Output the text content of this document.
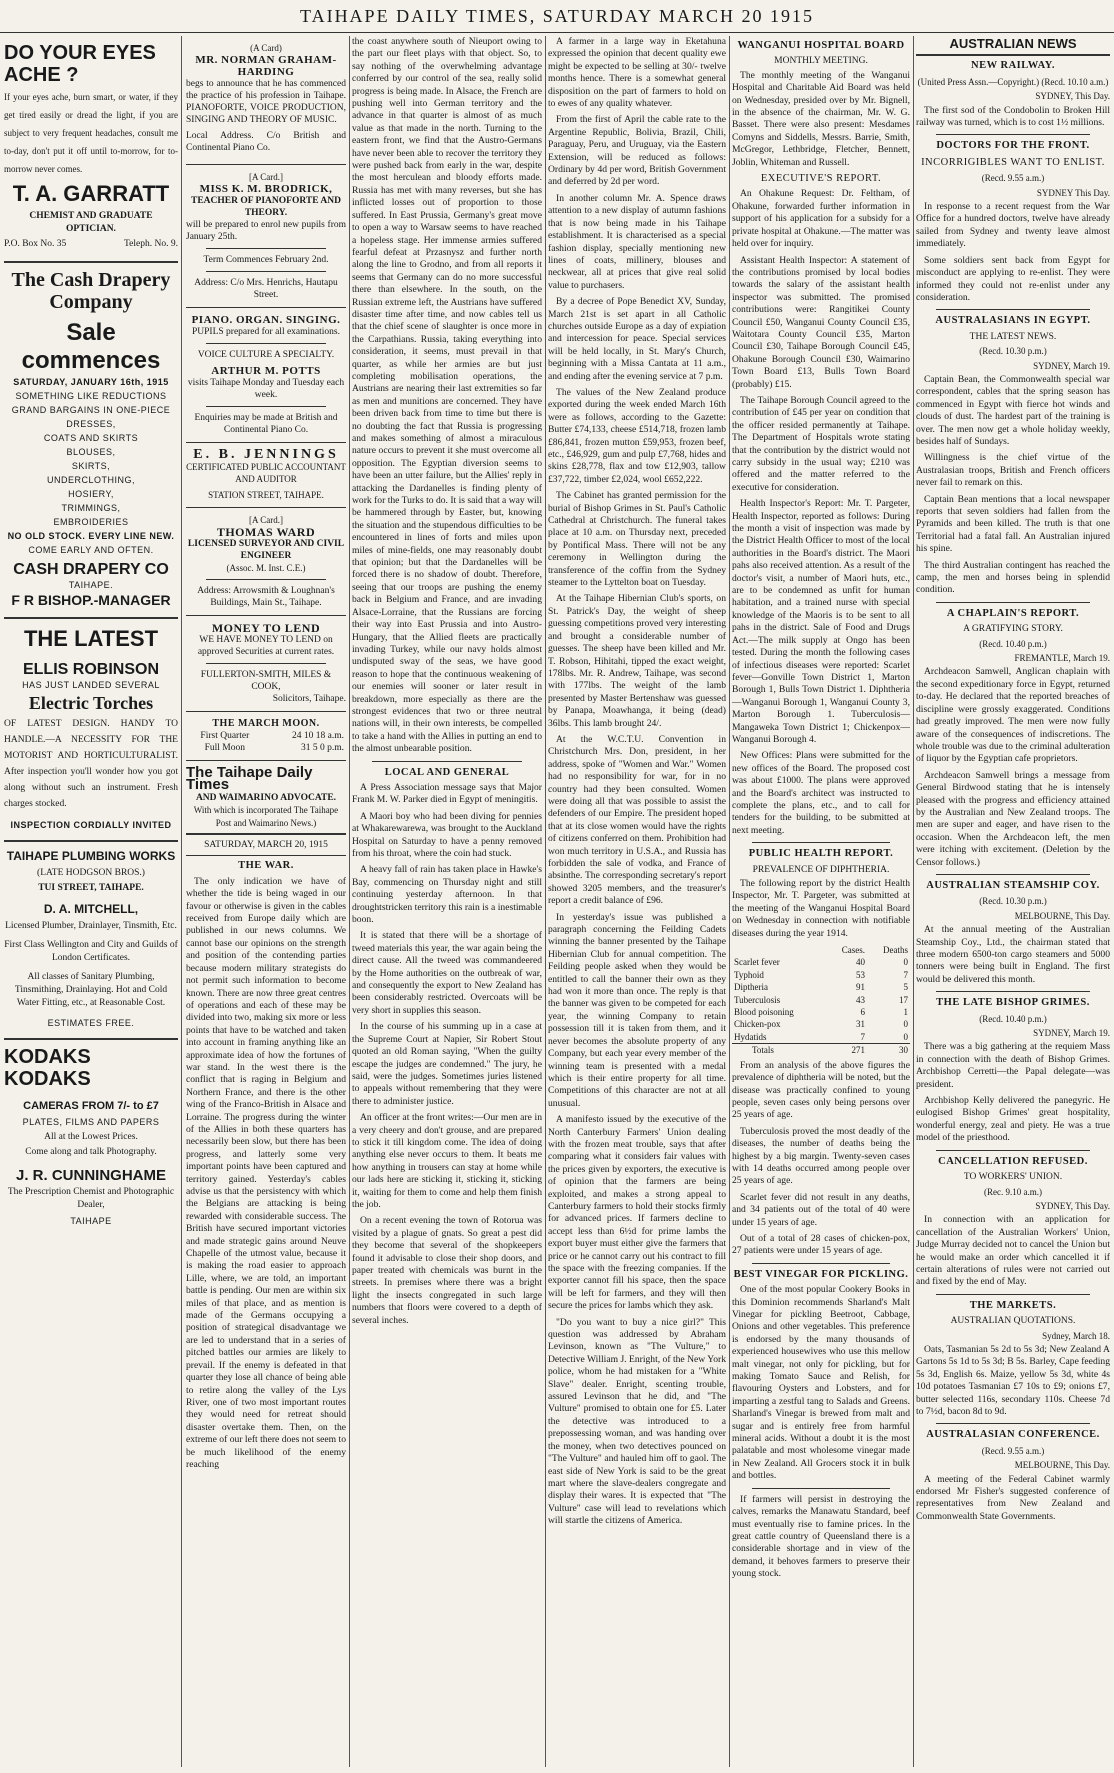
TAIHAPE DAILY TIMES, SATURDAY MARCH 20 1915
DO YOUR EYES
ACHE ?

If your eyes ache, burn smart, or water, if they get tired easily or dread the light, if you are subject to very frequent headaches, consult me to-day, don't put it off until to-morrow, for to-morrow never comes.

T. A. GARRATT
CHEMIST AND GRADUATE OPTICIAN.
P.O. Box No. 35	Teleph. No. 9.
The Cash Drapery Company
Sale commences
SATURDAY, JANUARY 16th, 1915
SOMETHING LIKE REDUCTIONS
GRAND BARGAINS IN ONE-PIECE DRESSES,
COATS AND SKIRTS
BLOUSES,
SKIRTS,
UNDERCLOTHING,
HOSIERY,
TRIMMINGS,
EMBROIDERIES
NO OLD STOCK. EVERY LINE NEW.
COME EARLY AND OFTEN.
CASH DRAPERY CO
TAIHAPE.
F R BISHOP.-MANAGER
THE LATEST
ELLIS ROBINSON
HAS JUST LANDED SEVERAL
Electric Torches

OF LATEST DESIGN. HANDY TO HANDLE.—A NECESSITY FOR THE MOTORIST AND HORTICULTURALIST. After inspection you'll wonder how you got along without such an instrument. Fresh charges stocked.

INSPECTION CORDIALLY INVITED
TAIHAPE PLUMBING WORKS
(LATE HODGSON BROS.)
TUI STREET, TAIHAPE.
D. A. MITCHELL,
Licensed Plumber, Drainlayer, Tinsmith, Etc.
First Class Wellington and City and Guilds of London Certificates.
All classes of Sanitary Plumbing, Tinsmithing, Drainlaying. Hot and Cold Water Fitting, etc., at Reasonable Cost.
ESTIMATES FREE.
KODAKS
KODAKS
CAMERAS FROM 7/- to £7
PLATES, FILMS AND PAPERS
All at the Lowest Prices.
Come along and talk Photography.
J. R. CUNNINGHAME
The Prescription Chemist and Photographic Dealer,
TAIHAPE
(A Card)
MR. NORMAN GRAHAM-HARDING

begs to announce that he has commenced the practice of his profession in Taihape. PIANOFORTE, VOICE PRODUCTION, SINGING AND THEORY OF MUSIC.

Local Address. C/o British and Continental Piano Co.

[A Card.]
MISS K. M. BRODRICK,
TEACHER OF PIANOFORTE AND THEORY.

will be prepared to enrol new pupils from January 25th.

Term Commences February 2nd.
Address: C/o Mrs. Henrichs, Hautapu Street.
PIANO. ORGAN. SINGING.
PUPILS prepared for all examinations.
VOICE CULTURE A SPECIALTY.
ARTHUR M. POTTS
visits Taihape Monday and Tuesday each week.
Enquiries may be made at British and Continental Piano Co.
E. B. JENNINGS
CERTIFICATED PUBLIC ACCOUNTANT AND AUDITOR
STATION STREET, TAIHAPE.
[A Card.]
THOMAS WARD
LICENSED SURVEYOR AND CIVIL ENGINEER
(Assoc. M. Inst. C.E.)
Address: Arrowsmith & Loughnan's Buildings, Main St., Taihape.
MONEY TO LEND
WE HAVE MONEY TO LEND on approved Securities at current rates.
FULLERTON-SMITH, MILES & COOK,
Solicitors, Taihape.
THE MARCH MOON.
First Quarter	24 10 18 a.m.
Full Moon	31 5 0 p.m.
The Taihape Daily Times
AND WAIMARINO ADVOCATE.
With which is incorporated The Taihape Post and Waimarino News.)
SATURDAY, MARCH 20, 1915
THE WAR.

The only indication we have of whether the tide is being waged in our favour or otherwise is given in the cables received from Europe daily which are published in our news columns. We cannot base our opinions on the strength and position of the contending parties because modern military strategists do not permit such information to become known. There are now three great centres of operations and each of these may be divided into two, making six more or less points that have to be watched and taken into account in framing anything like an approximate idea of how the fortunes of war stand. In the west there is the conflict that is raging in Belgium and Northern France, and there is the other wing of the Franco-British in Alsace and Lorraine. The progress during the winter of the Allies in both these quarters has necessarily been slow, but there has been progress, and latterly some very important points have been captured and territory gained. Yesterday's cables advise us that the persistency with which the Belgians are attacking is being rewarded with considerable success. The British have secured important victories and made strategic gains around Neuve Chapelle of the utmost value, because it is making the road easier to approach Lille, where, we are told, an important battle is pending. Our men are within six miles of that place, and as mention is made of the Germans occupying a position of strategical disadvantage we are led to understand that in a series of pitched battles our armies are likely to prevail. If the enemy is defeated in that quarter they lose all chance of being able to retire along the valley of the Lys River, one of two most important routes they would need for retreat should disaster overtake them. Then, on the extreme of our left there does not seem to be much likelihood of the enemy reaching

the coast anywhere south of Nieuport owing to the part our fleet plays with that object. So, to say nothing of the overwhelming advantage conferred by our control of the sea, really solid progress is being made. In Alsace, the French are pushing well into German territory and the advance in that quarter is almost of as much value as that made in the north. Turning to the eastern front, we find that the Austro-Germans have never been able to recover the territory they were pushed back from early in the war, despite the most herculean and bloody efforts made. Russia has met with many reverses, but she has inflicted losses out of proportion to those suffered. In East Prussia, Germany's great move to open a way to Warsaw seems to have reached a hopeless stage. Her immense armies suffered fearful defeat at Przasnysz and further north along the line to Grodno, and from all reports it seems that Germany can do no more successful there than elsewhere. In the south, on the Russian extreme left, the Austrians have suffered disaster time after time, and now cables tell us that the chief scene of slaughter is once more in the Carpathians. Russia, taking everything into consideration, it seems, must prevail in that quarter, as while her armies are but just completing mobilisation operations, the Austrians are nearing their last extremities so far as men and munitions are concerned. They have been driven back from time to time but there is no doubting the fact that Russia is progressing and makes something of almost a miraculous nature occurs to prevent it she must overcome all opposition. The Egyptian diversion seems to have been an utter failure, but the Allies' reply in attacking the Dardanelles is finding plenty of work for the Turks to do. It is said that a way will be hammered through by Easter, but, knowing the situation and the stupendous difficulties to be encountered in lines of forts and miles upon miles of mine-fields, one may reasonably doubt that opinion; but that the Dardanelles will be forced there is no shadow of doubt. Therefore, seeing that our troops are pushing the enemy back in Belgium and France, and are invading Alsace-Lorraine, that the Russians are forcing their way into East Prussia and into Austro-Hungary, that the Allied fleets are practically invading Turkey, while our navy holds almost undisputed sway of the seas, we have good reason to hope that the continuous weakening of our enemies will sooner or later result in breakdown, more especially as there are the strongest evidences that two or three neutral nations will, in their own interests, be compelled to take a hand with the Allies in putting an end to the almost unbearable position.

LOCAL AND GENERAL

A Press Association message says that Major Frank M. W. Parker died in Egypt of meningitis.

A Maori boy who had been diving for pennies at Whakarewarewa, was brought to the Auckland Hospital on Saturday to have a penny removed from his throat, where the coin had stuck.

A heavy fall of rain has taken place in Hawke's Bay, commencing on Thursday night and still continuing yesterday afternoon. In that droughtstricken territory this rain is a inestimable boon.

It is stated that there will be a shortage of tweed materials this year, the war again being the direct cause. All the tweed was commandeered by the Home authorities on the outbreak of war, and consequently the export to New Zealand has been considerably restricted. Overcoats will be very short in supplies this season.

In the course of his summing up in a case at the Supreme Court at Napier, Sir Robert Stout quoted an old Roman saying, "When the guilty escape the judges are condemned." The jury, he said, were the judges. Sometimes juries listened to appeals without remembering that they were there to administer justice.

An officer at the front writes:—Our men are in a very cheery and don't grouse, and are prepared to stick it till kingdom come. The idea of doing anything else never occurs to them. It beats me how anything in trousers can stay at home while our lads here are sticking it, sticking it, sticking it, waiting for them to come and help them finish the job.

On a recent evening the town of Rotorua was visited by a plague of gnats. So great a pest did they become that several of the shopkeepers found it advisable to close their shop doors, and paper treated with chemicals was burnt in the streets. In premises where there was a bright light the insects congregated in such large numbers that floors were covered to a depth of several inches.

A farmer in a large way in Eketahuna expressed the opinion that decent quality ewe might be expected to be selling at 30/- twelve months hence. There is a somewhat general disposition on the part of farmers to hold on to ewes of any quality whatever.

From the first of April the cable rate to the Argentine Republic, Bolivia, Brazil, Chili, Paraguay, Peru, and Uruguay, via the Eastern Extension, will be reduced as follows: Ordinary by 4d per word, British Government and deferred by 2d per word.

In another column Mr. A. Spence draws attention to a new display of autumn fashions that is now being made in his Taihape establishment. It is characterised as a special fashion display, specially mentioning new lines of coats, millinery, blouses and neckwear, all at prices that give real solid value to purchasers.

By a decree of Pope Benedict XV, Sunday, March 21st is set apart in all Catholic churches outside Europe as a day of expiation and intercession for peace. Special services will be held locally, in St. Mary's Church, beginning with a Missa Cantata at 11 a.m., and ending after the evening service at 7 p.m.

The values of the New Zealand produce exported during the week ended March 16th were as follows, according to the Gazette: Butter £74,133, cheese £514,718, frozen lamb £86,841, frozen mutton £59,953, frozen beef, etc., £46,929, gum and pulp £7,768, hides and skins £28,778, flax and tow £12,903, tallow £37,722, timber £2,024, wool £652,222.

The Cabinet has granted permission for the burial of Bishop Grimes in St. Paul's Catholic Cathedral at Christchurch. The funeral takes place at 10 a.m. on Thursday next, preceded by Pontifical Mass. There will not be any ceremony in Wellington during the transference of the coffin from the Sydney steamer to the Lyttelton boat on Tuesday.

At the Taihape Hibernian Club's sports, on St. Patrick's Day, the weight of sheep guessing competitions proved very interesting and brought a considerable number of guesses. The sheep have been killed and Mr. T. Robson, Hihitahi, tipped the exact weight, 178lbs. Mr. R. Andrew, Taihape, was second with 177lbs. The weight of the lamb presented by Master Bertenshaw was guessed by Panapa, Moawhanga, it being (dead) 36lbs. This lamb brought 24/.

At the W.C.T.U. Convention in Christchurch Mrs. Don, president, in her address, spoke of "Women and War." Women had no responsibility for war, for in no country had they been consulted. Women were doing all that was possible to assist the defenders of our Empire. The president hoped that at its close women would have the rights of citizens conferred on them. Prohibition had won much territory in U.S.A., and Russia has forbidden the sale of vodka, and France of absinthe. The corresponding secretary's report showed 3205 members, and the treasurer's report a credit balance of £96.

In yesterday's issue was published a paragraph concerning the Feilding Cadets winning the banner presented by the Taihape Hibernian Club for annual competition. The Feilding people asked when they would be entitled to call the banner their own as they had won it more than once. The reply is that the banner was given to be competed for each year, the winning Company to retain possession till it is taken from them, and it never becomes the absolute property of any Company, but each year every member of the winning team is presented with a medal which is their entire property for all time. Competitions of this character are not at all unusual.

A manifesto issued by the executive of the North Canterbury Farmers' Union dealing with the frozen meat trouble, says that after comparing what it considers fair values with the prices given by exporters, the executive is of opinion that the farmers are being exploited, and makes a strong appeal to Canterbury farmers to hold their stocks firmly for advanced prices. If farmers decline to accept less than 6½d for prime lambs the export buyer must either give the farmers that price or he cannot carry out his contract to fill the space with the freezing companies. If the exporter cannot fill his space, then the space will be left for farmers, and they will then secure the prices for lambs which they ask.

"Do you want to buy a nice girl?" This question was addressed by Abraham Levinson, known as "The Vulture," to Detective William J. Enright, of the New York police, whom he had mistaken for a "White Slave" dealer. Enright, scenting trouble, assured Levinson that he did, and "The Vulture" promised to obtain one for £5. Later the detective was introduced to a prepossessing woman, and was handing over the money, when two detectives pounced on "The Vulture" and hauled him off to gaol. The east side of New York is said to be the great mart where the slave-dealers congregate and display their wares. It is expected that "The Vulture" case will lead to revelations which will startle the citizens of America.

WANGANUI HOSPITAL BOARD
MONTHLY MEETING.

The monthly meeting of the Wanganui Hospital and Charitable Aid Board was held on Wednesday, presided over by Mr. Bignell, in the absence of the chairman, Mr. W. G. Basset. There were also present: Mesdames Comyns and Siddells, Messrs. Barrie, Smith, McGregor, Lethbridge, Fletcher, Bennett, Joblin, Whiteman and Russell.

EXECUTIVE'S REPORT.

An Ohakune Request: Dr. Feltham, of Ohakune, forwarded further information in support of his application for a subsidy for a private hospital at Ohakune.—The matter was held over for inquiry.

Assistant Health Inspector: A statement of the contributions promised by local bodies towards the salary of the assistant health inspector was submitted. The promised contributions were: Rangitikei County Council £50, Wanganui County Council £35, Waitotara County Council £35, Marton Council £30, Taihape Borough Council £45, Ohakune Borough Council £30, Waimarino Town Board £13, Bulls Town Board (probably) £15.

The Taihape Borough Council agreed to the contribution of £45 per year on condition that the officer resided permanently at Taihape. The Department of Hospitals wrote stating that the contribution by the district would not carry subsidy in the usual way; £210 was offered and the matter referred to the executive for consideration.

Health Inspector's Report: Mr. T. Pargeter, Health Inspector, reported as follows: During the month a visit of inspection was made by the District Health Officer to most of the local authorities in the Board's district. The Maori pahs also received attention. As a result of the doctor's visit, a number of Maori huts, etc., are to be condemned as unfit for human habitation, and a trained nurse with special knowledge of the Maoris is to be sent to all pahs in the district. Sale of Food and Drugs Act.—The milk supply at Ongo has been tested. During the month the following cases of infectious diseases were reported: Scarlet fever—Gonville Town District 1, Marton Borough 1, Bulls Town District 1. Diphtheria—Wanganui Borough 1, Wanganui County 3, Marton Borough 1. Tuberculosis—Mangaweka Town District 1; Chickenpox—Wanganui Borough 4.

New Offices: Plans were submitted for the new offices of the Board. The proposed cost was about £1000. The plans were approved and the Board's architect was instructed to complete the plans, etc., and to call for tenders for the building, to be submitted at next meeting.

PUBLIC HEALTH REPORT.
PREVALENCE OF DIPHTHERIA.

The following report by the district Health Inspector, Mr. T. Pargeter, was submitted at the meeting of the Wanganui Hospital Board on Wednesday in connection with notifiable diseases during the year 1914.

	Cases.	Deaths
Scarlet fever	40	0
Typhoid	53	7
Diptheria	91	5
Tuberculosis	43	17
Blood poisoning	6	1
Chicken-pox	31	0
Hydatids	7	0
Totals	271	30

From an analysis of the above figures the prevalence of diphtheria will be noted, but the disease was practically confined to young people, seven cases only being persons over 25 years of age.

Tuberculosis proved the most deadly of the diseases, the number of deaths being the highest by a big margin. Twenty-seven cases with 14 deaths occurred among people over 25 years of age.

Scarlet fever did not result in any deaths, and 34 patients out of the total of 40 were under 15 years of age.

Out of a total of 28 cases of chicken-pox, 27 patients were under 15 years of age.

BEST VINEGAR FOR PICKLING.

One of the most popular Cookery Books in this Dominion recommends Sharland's Malt Vinegar for pickling Beetroot, Cabbage, Onions and other vegetables. This preference is endorsed by the many thousands of experienced housewives who use this mellow malt vinegar, not only for pickling, but for making Tomato Sauce and Relish, for flavouring Oysters and Lobsters, and for imparting a zestful tang to Salads and Greens. Sharland's Vinegar is brewed from malt and sugar and is entirely free from harmful mineral acids. Without a doubt it is the most palatable and most wholesome vinegar made in New Zealand. All Grocers stock it in bulk and bottles.

If farmers will persist in destroying the calves, remarks the Manawatu Standard, beef must eventually rise to famine prices. In the great cattle country of Queensland there is a considerable shortage and in view of the demand, it behoves farmers to preserve their young stock.

AUSTRALIAN NEWS
NEW RAILWAY.
(United Press Assn.—Copyright.) (Recd. 10.10 a.m.)
SYDNEY, This Day.

The first sod of the Condobolin to Broken Hill railway was turned, which is to cost 1½ millions.

DOCTORS FOR THE FRONT.
INCORRIGIBLES WANT TO ENLIST.
(Recd. 9.55 a.m.)
SYDNEY This Day.

In response to a recent request from the War Office for a hundred doctors, twelve have already sailed from Sydney and twenty leave almost immediately.

Some soldiers sent back from Egypt for misconduct are applying to re-enlist. They were informed they could not re-enlist under any consideration.

AUSTRALASIANS IN EGYPT.
THE LATEST NEWS.
(Recd. 10.30 p.m.)
SYDNEY, March 19.

Captain Bean, the Commonwealth special war correspondent, cables that the spring season has commenced in Egypt with fierce hot winds and clouds of dust. The hardest part of the training is over. The men now get a whole holiday weekly, besides half of Sundays.

Willingness is the chief virtue of the Australasian troops, British and French officers never fail to remark on this.

Captain Bean mentions that a local newspaper reports that seven soldiers had fallen from the Pyramids and been killed. The truth is that one Territorial had a fatal fall. An Australian injured his spine.

The third Australian contingent has reached the camp, the men and horses being in splendid condition.

A CHAPLAIN'S REPORT.
A GRATIFYING STORY.
(Recd. 10.40 p.m.)
FREMANTLE, March 19.

Archdeacon Samwell, Anglican chaplain with the second expeditionary force in Egypt, returned to-day. He declared that the reported breaches of discipline were grossly exaggerated. Conditions had greatly improved. The men were now fully aware of the consequences of indiscretions. The whole trouble was due to the criminal adulteration of liquor by the Egyptian cafe proprietors.

Archdeacon Samwell brings a message from General Birdwood stating that he is intensely pleased with the progress and efficiency attained by the Australian and New Zealand troops. The men are super and eager, and have risen to the occasion. When the Archdeacon left, the men were itching with excitement. (Deletion by the Censor follows.)

AUSTRALIAN STEAMSHIP COY.
(Recd. 10.30 p.m.)
MELBOURNE, This Day.

At the annual meeting of the Australian Steamship Coy., Ltd., the chairman stated that three modern 6500-ton cargo steamers and 5000 tonners were being built in England. The first would be delivered this month.

THE LATE BISHOP GRIMES.
(Recd. 10.40 p.m.)
SYDNEY, March 19.

There was a big gathering at the requiem Mass in connection with the death of Bishop Grimes. Archbishop Cerretti—the Papal delegate—was president.

Archbishop Kelly delivered the panegyric. He eulogised Bishop Grimes' great hospitality, wonderful energy, zeal and piety. He was a true model of the priesthood.

CANCELLATION REFUSED.
TO WORKERS' UNION.
(Rec. 9.10 a.m.)
SYDNEY, This Day.

In connection with an application for cancellation of the Australian Workers' Union, Judge Murray decided not to cancel the Union but he would make an order which cancelled it if certain alterations of rules were not carried out and fixed by the end of May.

THE MARKETS.
AUSTRALIAN QUOTATIONS.
Sydney, March 18.

Oats, Tasmanian 5s 2d to 5s 3d; New Zealand A Gartons 5s 1d to 5s 3d; B 5s. Barley, Cape feeding 5s 3d, English 6s. Maize, yellow 5s 3d, white 4s 10d potatoes Tasmanian £7 10s to £9; onions £7, butter selected 116s, secondary 110s. Cheese 7d to 7½d, bacon 8d to 9d.

AUSTRALASIAN CONFERENCE.
(Recd. 9.55 a.m.)
MELBOURNE, This Day.

A meeting of the Federal Cabinet warmly endorsed Mr Fisher's suggested conference of representatives from New Zealand and Commonwealth State Governments.
